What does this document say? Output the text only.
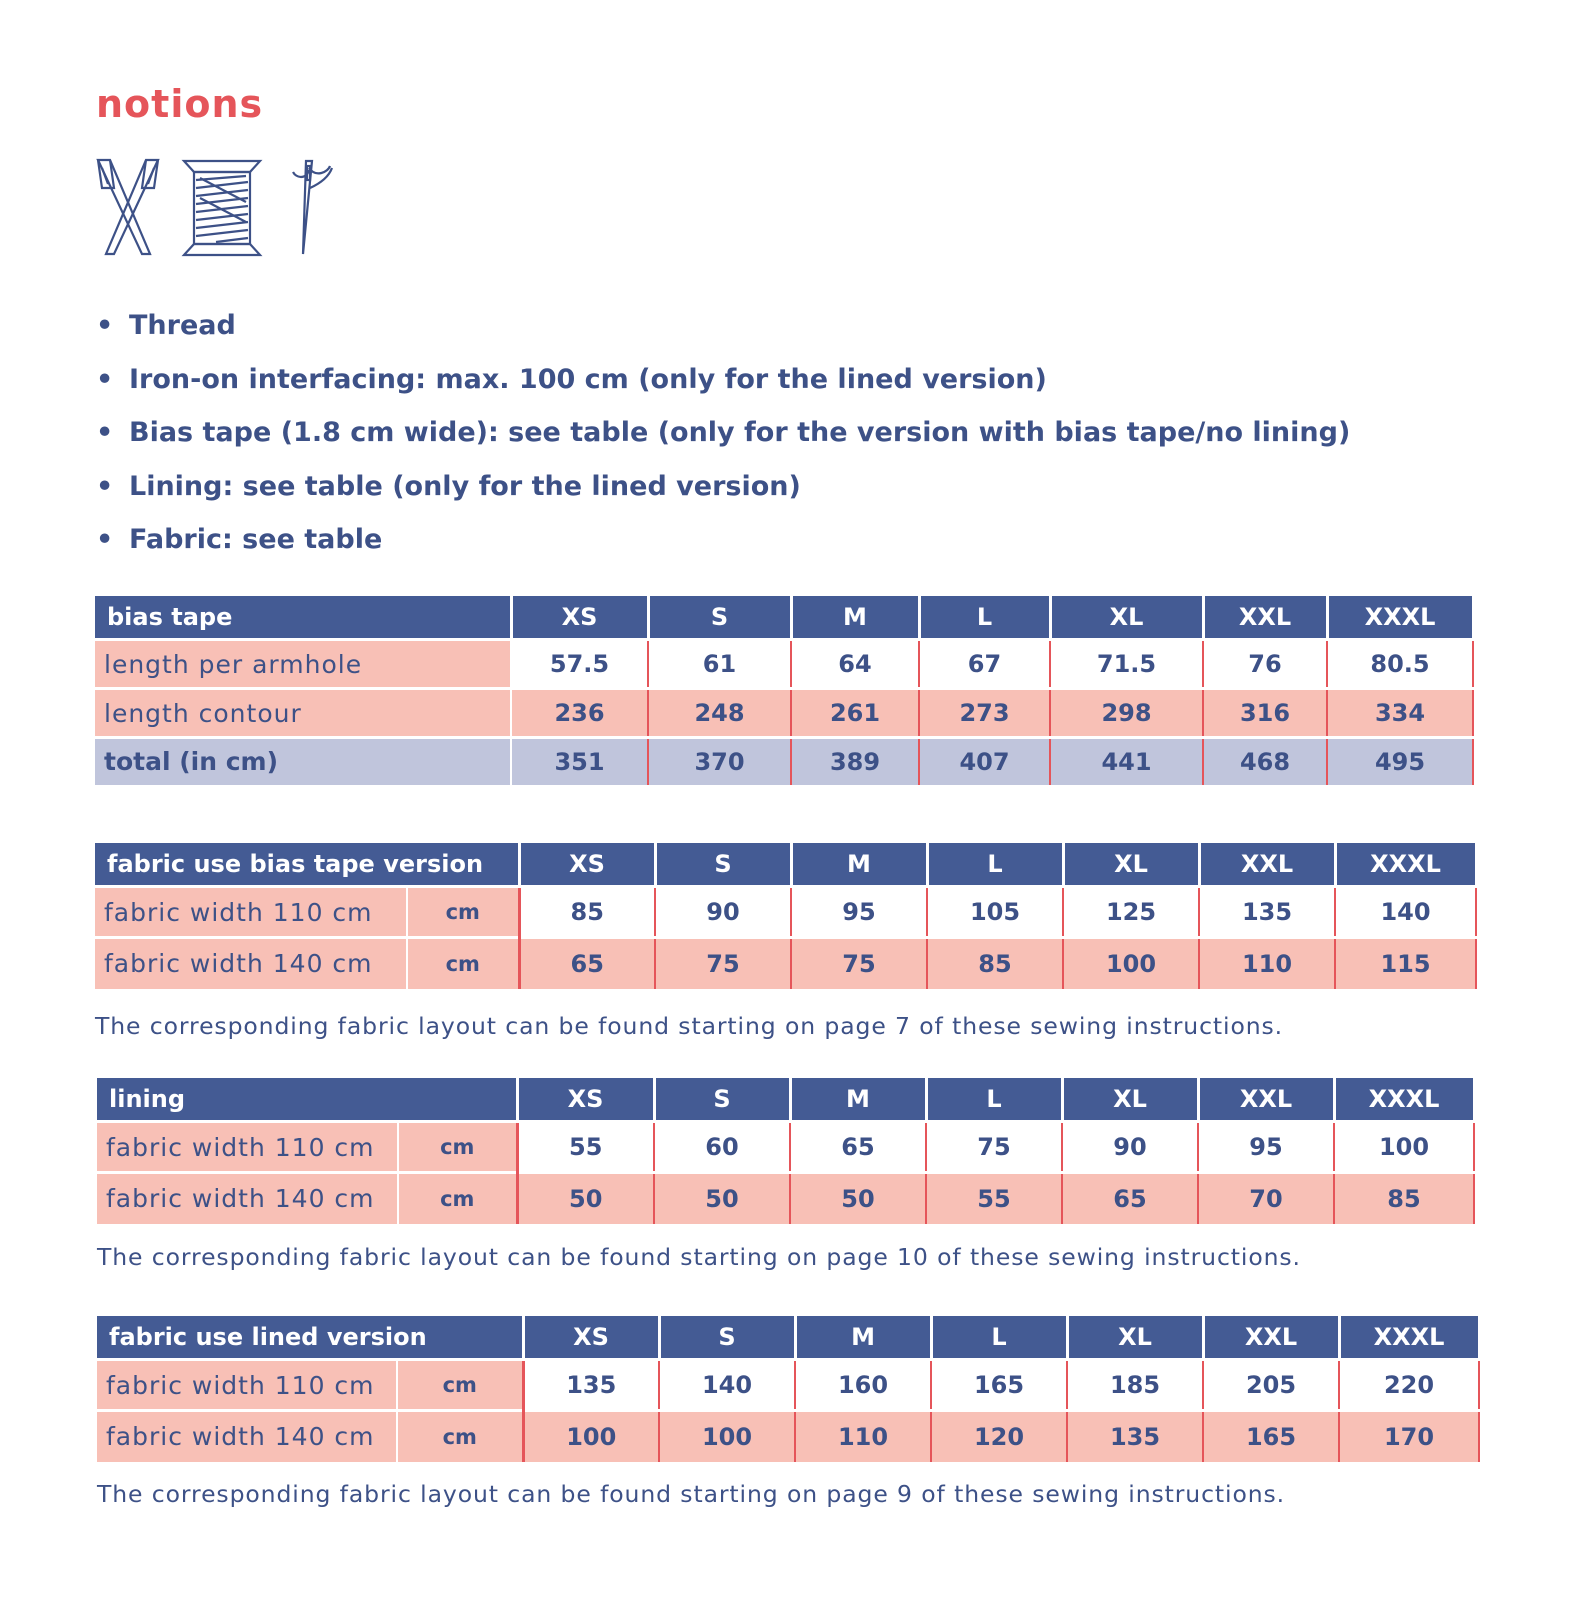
notions
• Thread
• Iron-on interfacing: max. 100 cm (only for the lined version)
• Bias tape (1.8 cm wide): see table (only for the version with bias tape/no lining)
• Lining: see table (only for the lined version)
• Fabric: see table
bias tape	XS	S	M	L	XL	XXL	XXXL
length per armhole	57.5	61	64	67	71.5	76	80.5
length contour	236	248	261	273	298	316	334
total (in cm)	351	370	389	407	441	468	495
fabric use bias tape version		XS	S	M	L	XL	XXL	XXXL
fabric width 110 cm	cm	85	90	95	105	125	135	140
fabric width 140 cm	cm	65	75	75	85	100	110	115
The corresponding fabric layout can be found starting on page 7 of these sewing instructions.
lining		XS	S	M	L	XL	XXL	XXXL
fabric width 110 cm	cm	55	60	65	75	90	95	100
fabric width 140 cm	cm	50	50	50	55	65	70	85
The corresponding fabric layout can be found starting on page 10 of these sewing instructions.
fabric use lined version		XS	S	M	L	XL	XXL	XXXL
fabric width 110 cm	cm	135	140	160	165	185	205	220
fabric width 140 cm	cm	100	100	110	120	135	165	170
The corresponding fabric layout can be found starting on page 9 of these sewing instructions.
